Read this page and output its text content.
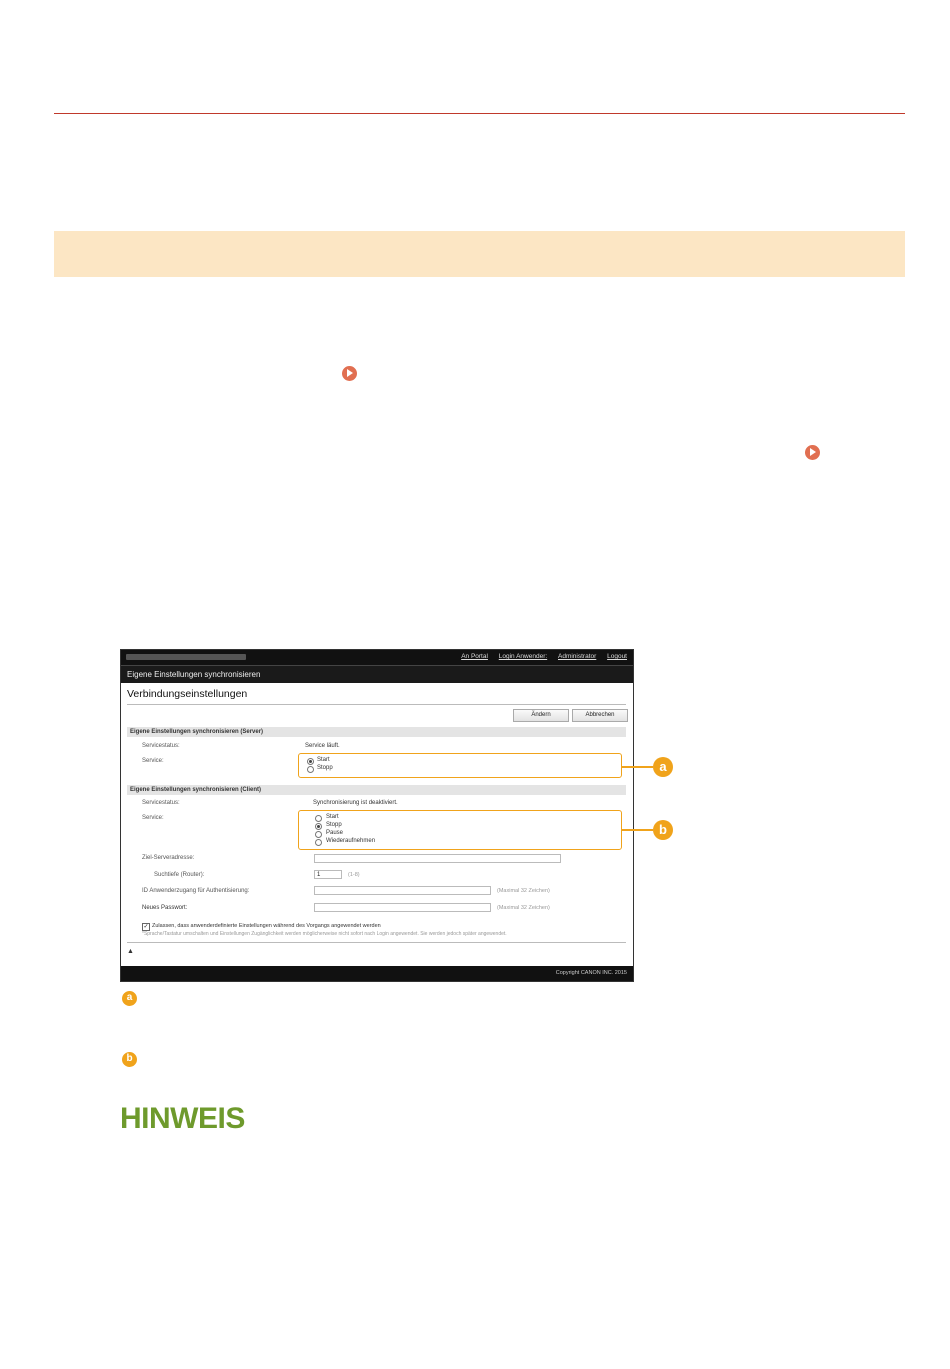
An Portal Login Anwender: Administrator Logout
Eigene Einstellungen synchronisieren
Verbindungseinstellungen
Ändern	Abbrechen
Eigene Einstellungen synchronisieren (Server)
Servicestatus:	Service läuft.
Service:	Start
Stopp
Eigene Einstellungen synchronisieren (Client)
Servicestatus:	Synchronisierung ist deaktiviert.
Service:	Start
Stopp
Pause
Wiederaufnehmen
Ziel-Serveradresse:
Suchtiefe (Router):	1	(1-8)
ID Anwenderzugang für Authentisierung:	(Maximal 32 Zeichen)
Neues Passwort:	(Maximal 32 Zeichen)
✓ Zulassen, dass anwenderdefinierte Einstellungen während des Vorgangs angewendet werden
*Sprache/Tastatur umschalten und Einstellungen Zugänglichkeit werden möglicherweise nicht sofort nach Login angewendet. Sie werden jedoch später angewendet.
▲
Copyright CANON INC. 2015
a
b
a
b
HINWEIS
